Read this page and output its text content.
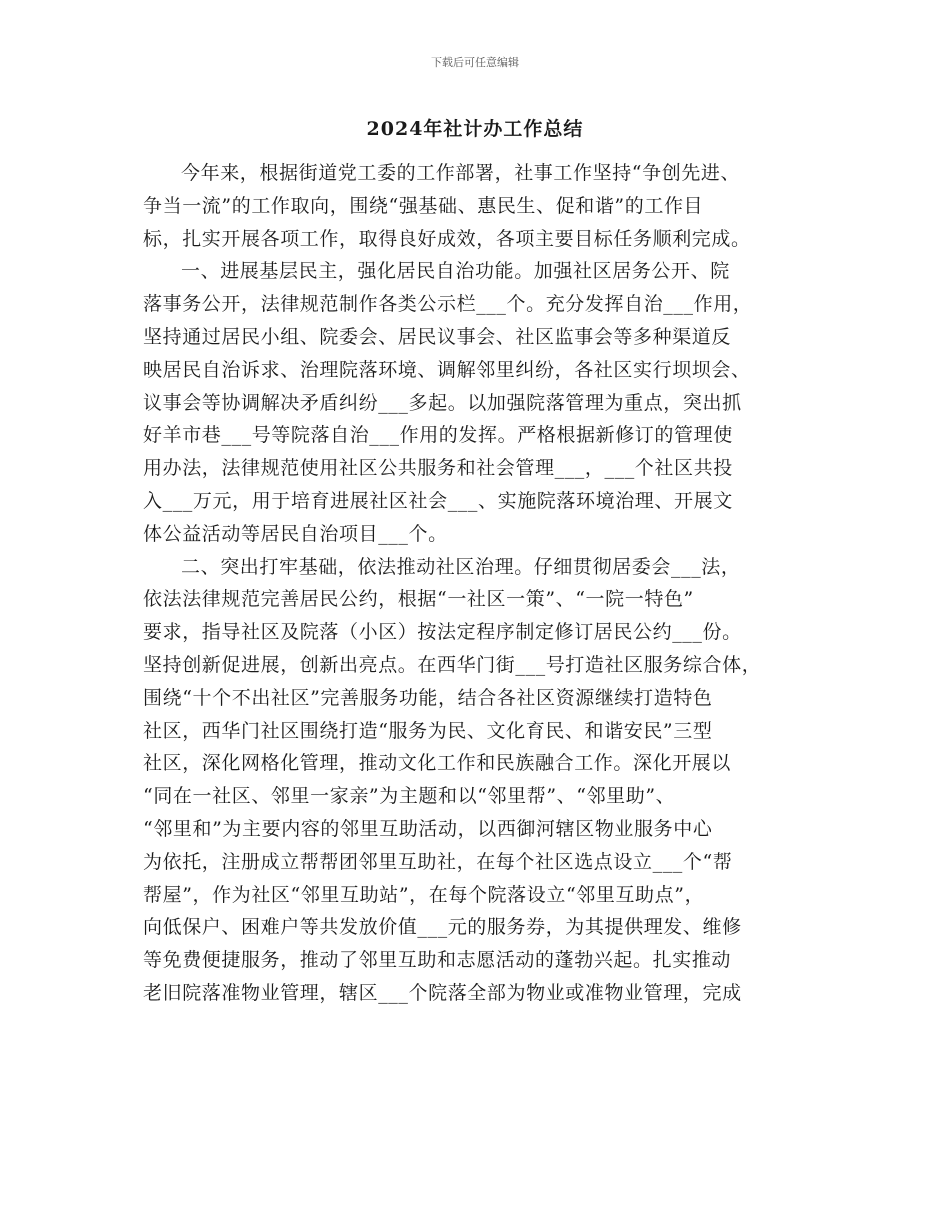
下载后可任意编辑
2024年社计办工作总结
今年来，根据街道党工委的工作部署，社事工作坚持“争创先进、
争当一流”的工作取向，围绕“强基础、惠民生、促和谐”的工作目
标，扎实开展各项工作，取得良好成效，各项主要目标任务顺利完成。
一、进展基层民主，强化居民自治功能。加强社区居务公开、院
落事务公开，法律规范制作各类公示栏___个。充分发挥自治___作用，
坚持通过居民小组、院委会、居民议事会、社区监事会等多种渠道反
映居民自治诉求、治理院落环境、调解邻里纠纷，各社区实行坝坝会、
议事会等协调解决矛盾纠纷___多起。以加强院落管理为重点，突出抓
好羊市巷___号等院落自治___作用的发挥。严格根据新修订的管理使
用办法，法律规范使用社区公共服务和社会管理___，___个社区共投
入___万元，用于培育进展社区社会___、实施院落环境治理、开展文
体公益活动等居民自治项目___个。
二、突出打牢基础，依法推动社区治理。仔细贯彻居委会___法，
依法法律规范完善居民公约，根据“一社区一策”、“一院一特色”
要求，指导社区及院落（小区）按法定程序制定修订居民公约___份。
坚持创新促进展，创新出亮点。在西华门街___号打造社区服务综合体，
围绕“十个不出社区”完善服务功能，结合各社区资源继续打造特色
社区，西华门社区围绕打造“服务为民、文化育民、和谐安民”三型
社区，深化网格化管理，推动文化工作和民族融合工作。深化开展以
“同在一社区、邻里一家亲”为主题和以“邻里帮”、“邻里助”、
“邻里和”为主要内容的邻里互助活动，以西御河辖区物业服务中心
为依托，注册成立帮帮团邻里互助社，在每个社区选点设立___个“帮
帮屋”，作为社区“邻里互助站”，在每个院落设立“邻里互助点”，
向低保户、困难户等共发放价值___元的服务券，为其提供理发、维修
等免费便捷服务，推动了邻里互助和志愿活动的蓬勃兴起。扎实推动
老旧院落准物业管理，辖区___个院落全部为物业或准物业管理，完成
